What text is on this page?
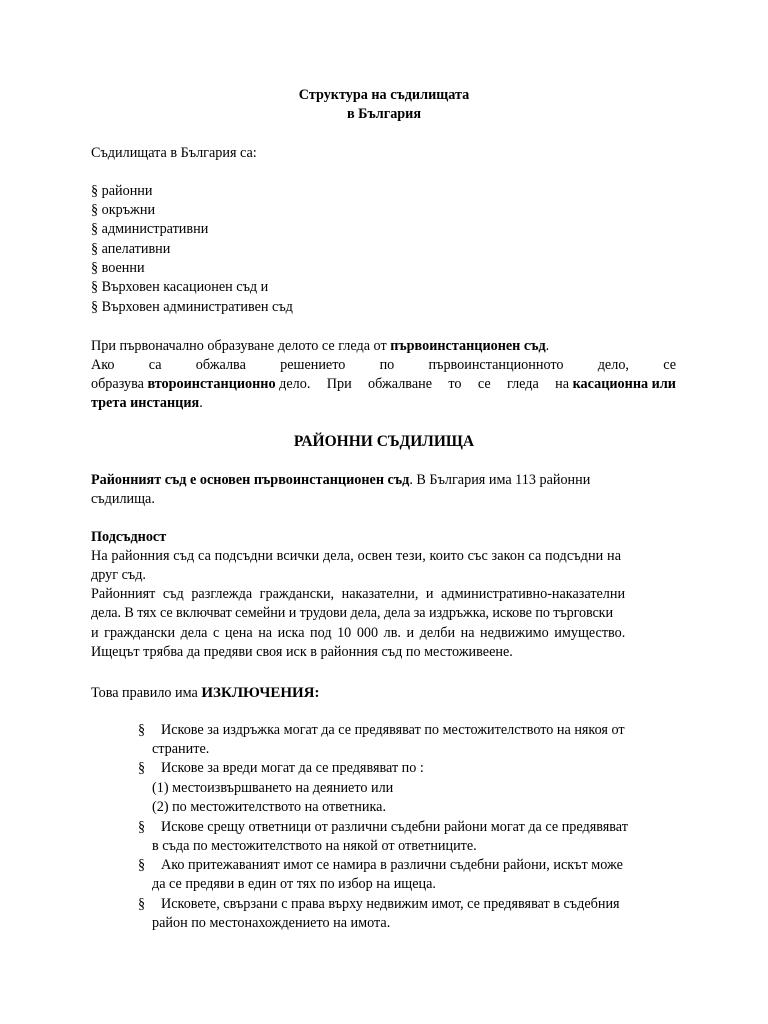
Структура на съдилищата
в България
Съдилищата в България са:
§ районни
§ окръжни
§ административни
§ апелативни
§ военни
§ Върховен касационен съд и
§ Върховен административен съд
При първоначално образуване делото се гледа от първоинстанционен съд.
Ако са обжалва решението по първоинстанционното дело, се
образува второинстанционно дело. При обжалване то се гледа на касационна или
трета инстанция.
РАЙОННИ СЪДИЛИЩА
Районният съд е основен първоинстанционен съд. В България има 113 районни
съдилища.
Подсъдност
На районния съд са подсъдни всички дела, освен тези, които със закон са подсъдни на
друг съд.
Районният съд разглежда граждански, наказателни, и административно-наказателни
дела. В тях се включват семейни и трудови дела, дела за издръжка, искове по търговски
и граждански дела с цена на иска под 10 000 лв. и делби на недвижимо имущество.
Ищецът трябва да предяви своя иск в районния съд по местоживеене.
Това правило има ИЗКЛЮЧЕНИЯ:
§	Искове за издръжка могат да се предявяват по местожителството на някоя от
страните.
§	Искове за вреди могат да се предявяват по :
(1) местоизвършването на деянието или
(2) по местожителството на ответника.
§	Искове срещу ответници от различни съдебни райони могат да се предявяват
в съда по местожителството на някой от ответниците.
§	Ако притежаваният имот се намира в различни съдебни райони, искът може
да се предяви в един от тях по избор на ищеца.
§	Исковете, свързани с права върху недвижим имот, се предявяват в съдебния
район по местонахождението на имота.
